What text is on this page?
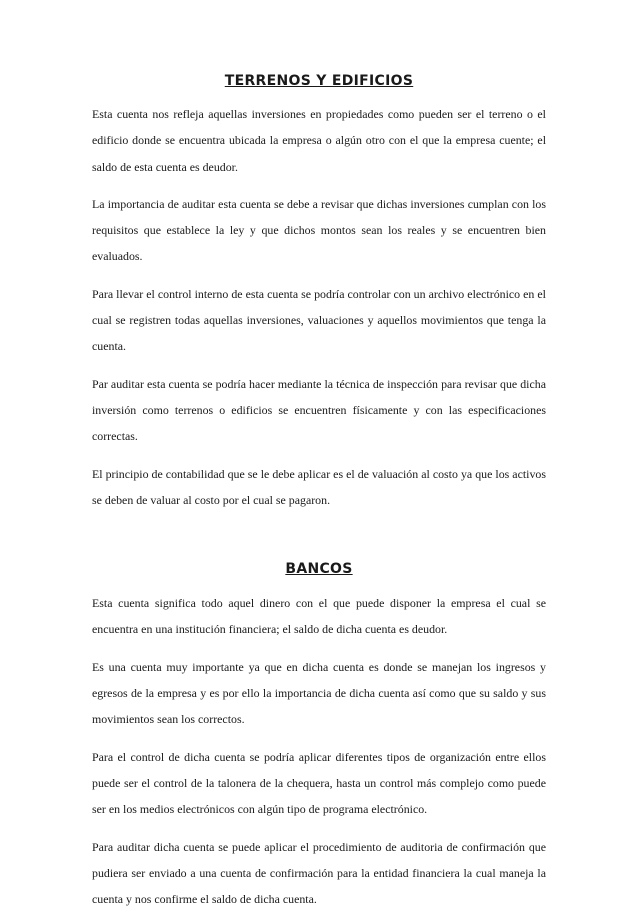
TERRENOS Y EDIFICIOS

Esta cuenta nos refleja aquellas inversiones en propiedades como pueden ser el terreno o el edificio donde se encuentra ubicada la empresa o algún otro con el que la empresa cuente; el saldo de esta cuenta es deudor.

La importancia de auditar esta cuenta se debe a revisar que dichas inversiones cumplan con los requisitos que establece la ley y que dichos montos sean los reales y se encuentren bien evaluados.

Para llevar el control interno de esta cuenta se podría controlar con un archivo electrónico en el cual se registren todas aquellas inversiones, valuaciones y aquellos movimientos que tenga la cuenta.

Par auditar esta cuenta se podría hacer mediante la técnica de inspección para revisar que dicha inversión como terrenos o edificios se encuentren físicamente y con las especificaciones correctas.

El principio de contabilidad que se le debe aplicar es el de valuación al costo ya que los activos se deben de valuar al costo por el cual se pagaron.

BANCOS

Esta cuenta significa todo aquel dinero con el que puede disponer la empresa el cual se encuentra en una institución financiera; el saldo de dicha cuenta es deudor.

Es una cuenta muy importante ya que en dicha cuenta es donde se manejan los ingresos y egresos de la empresa y es por ello la importancia de dicha cuenta así como que su saldo y sus movimientos sean los correctos.

Para el control de dicha cuenta se podría aplicar diferentes tipos de organización entre ellos puede ser el control de la talonera de la chequera, hasta un control más complejo como puede ser en los medios electrónicos con algún tipo de programa electrónico.

Para auditar dicha cuenta se puede aplicar el procedimiento de auditoria de confirmación que pudiera ser enviado a una cuenta de confirmación para la entidad financiera la cual maneja la cuenta y nos confirme el saldo de dicha cuenta.
